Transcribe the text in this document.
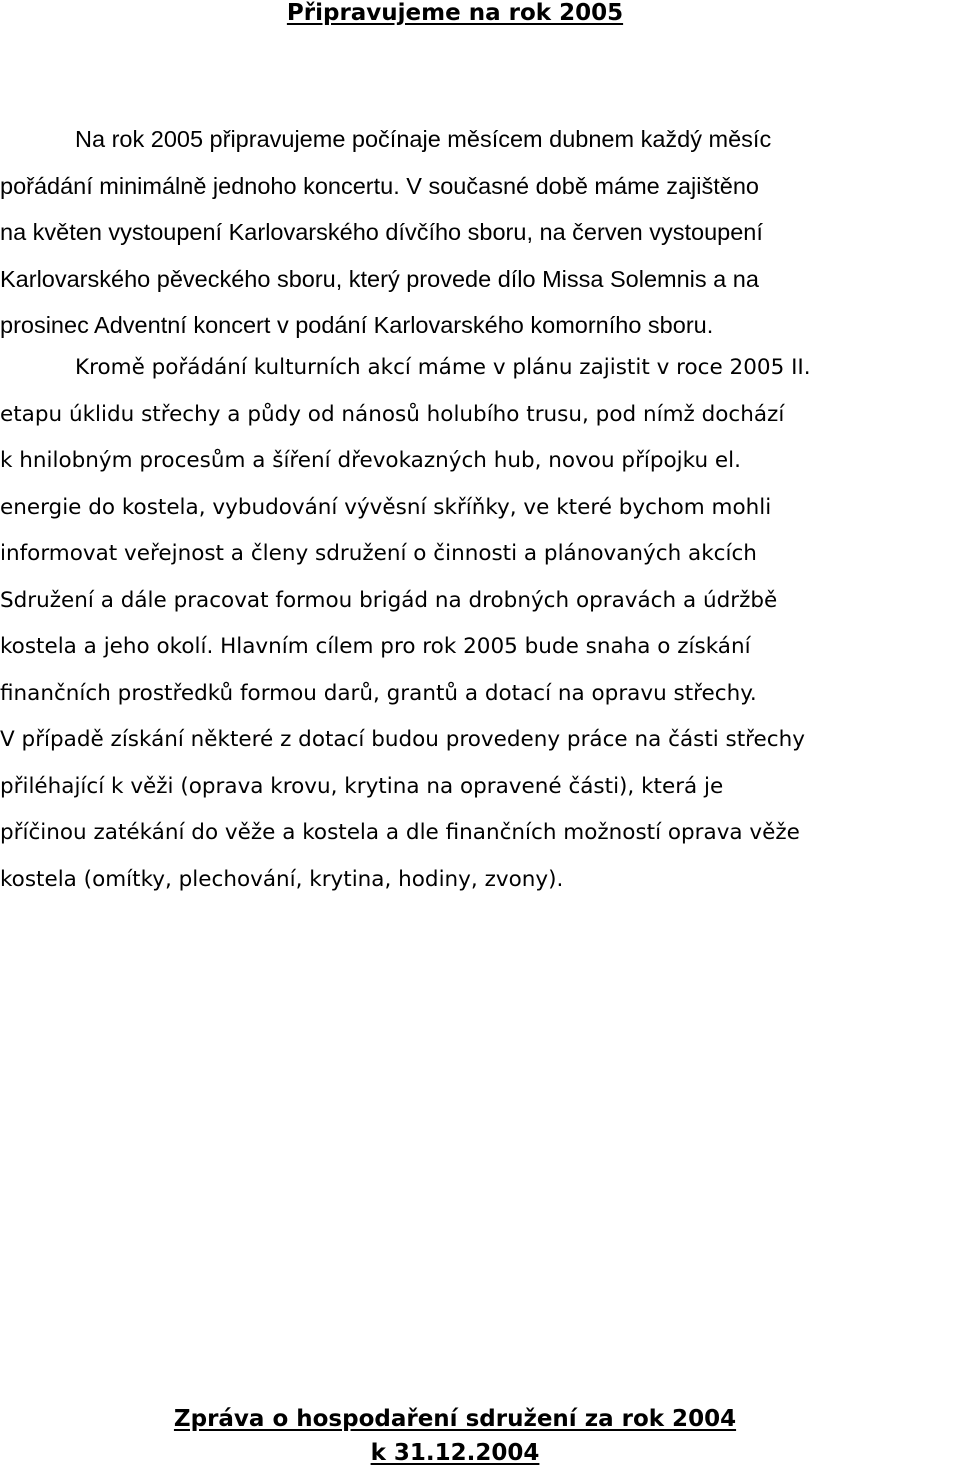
Připravujeme na rok 2005

Na rok 2005 připravujeme počínaje měsícem dubnem každý měsíc
pořádání minimálně jednoho koncertu. V současné době máme zajištěno
na květen vystoupení Karlovarského dívčího sboru, na červen vystoupení
Karlovarského pěveckého sboru, který provede dílo Missa Solemnis a na
prosinec Adventní koncert v podání Karlovarského komorního sboru.

Kromě pořádání kulturních akcí máme v plánu zajistit v roce 2005 II.
etapu úklidu střechy a půdy od nánosů holubího trusu, pod nímž dochází
k hnilobným procesům a šíření dřevokazných hub, novou přípojku el.
energie do kostela, vybudování vývěsní skříňky, ve které bychom mohli
informovat veřejnost a členy sdružení o činnosti a plánovaných akcích
Sdružení a dále pracovat formou brigád na drobných opravách a údržbě
kostela a jeho okolí. Hlavním cílem pro rok 2005 bude snaha o získání
finančních prostředků formou darů, grantů a dotací na opravu střechy.
V případě získání některé z dotací budou provedeny práce na části střechy
přiléhající k věži (oprava krovu, krytina na opravené části), která je
příčinou zatékání do věže a kostela a dle finančních možností oprava věže
kostela (omítky, plechování, krytina, hodiny, zvony).

Zpráva o hospodaření sdružení za rok 2004
k 31.12.2004
